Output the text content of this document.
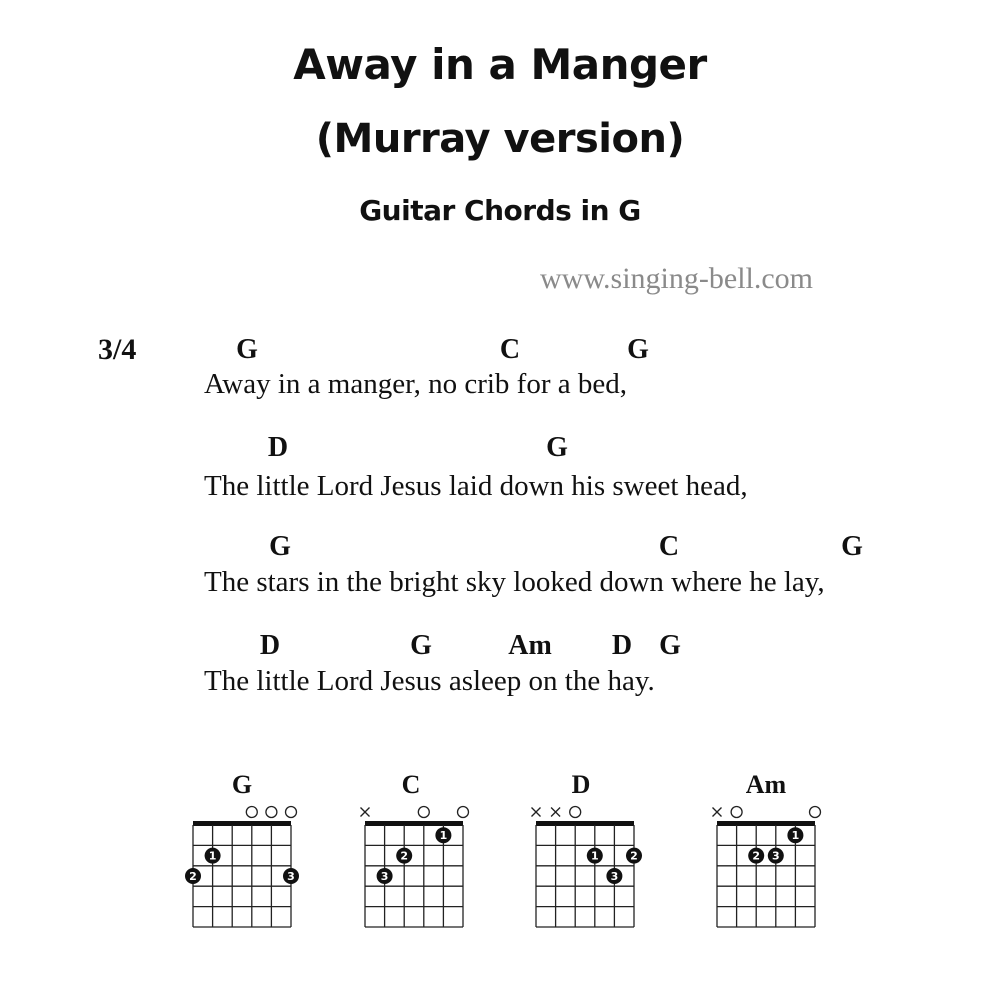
Away in a Manger
(Murray version)
Guitar Chords in G
www.singing-bell.com
3/4	G	C	G
Away in a manger, no crib for a bed,
D	G
The little Lord Jesus laid down his sweet head,
G	C	G
The stars in the bright sky looked down where he lay,
D	G	Am D G
The little Lord Jesus asleep on the hay.
G
1
2	3
C
1
2
3
D
1	2
3
Am
1
2 3
